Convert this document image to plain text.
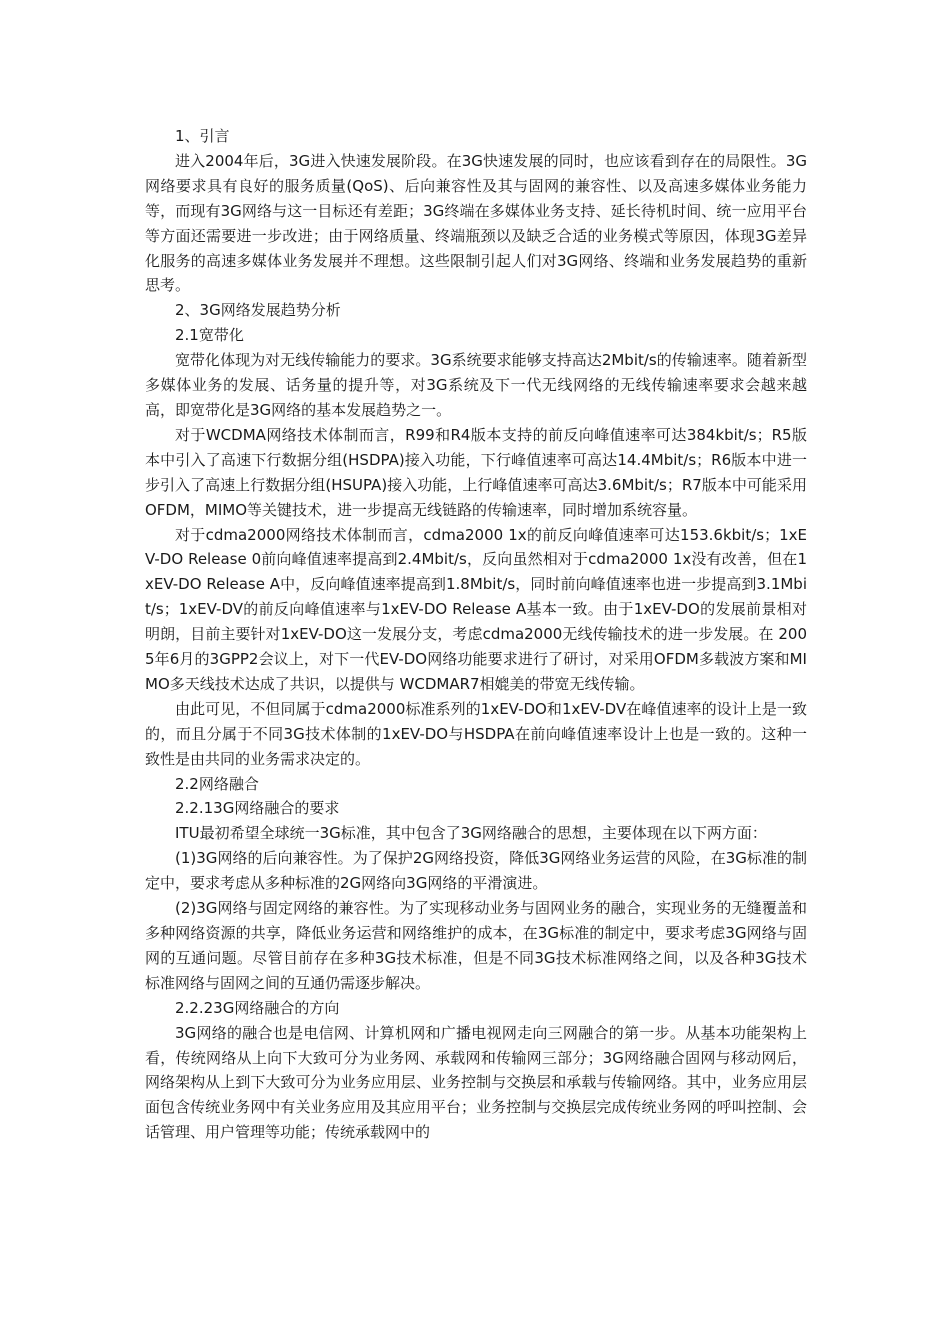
1、引言

进入2004年后，3G进入快速发展阶段。在3G快速发展的同时，也应该看到存在的局限性。3G网络要求具有良好的服务质量(QoS)、后向兼容性及其与固网的兼容性、以及高速多媒体业务能力等，而现有3G网络与这一目标还有差距；3G终端在多媒体业务支持、延长待机时间、统一应用平台等方面还需要进一步改进；由于网络质量、终端瓶颈以及缺乏合适的业务模式等原因，体现3G差异化服务的高速多媒体业务发展并不理想。这些限制引起人们对3G网络、终端和业务发展趋势的重新思考。

2、3G网络发展趋势分析

2.1宽带化

宽带化体现为对无线传输能力的要求。3G系统要求能够支持高达2Mbit/s的传输速率。随着新型多媒体业务的发展、话务量的提升等，对3G系统及下一代无线网络的无线传输速率要求会越来越高，即宽带化是3G网络的基本发展趋势之一。

对于WCDMA网络技术体制而言，R99和R4版本支持的前反向峰值速率可达384kbit/s；R5版本中引入了高速下行数据分组(HSDPA)接入功能，下行峰值速率可高达14.4Mbit/s；R6版本中进一步引入了高速上行数据分组(HSUPA)接入功能，上行峰值速率可高达3.6Mbit/s；R7版本中可能采用OFDM，MIMO等关键技术，进一步提高无线链路的传输速率，同时增加系统容量。

对于cdma2000网络技术体制而言，cdma2000 1x的前反向峰值速率可达153.6kbit/s；1xEV-DO Release 0前向峰值速率提高到2.4Mbit/s，反向虽然相对于cdma2000 1x没有改善，但在1xEV-DO Release A中，反向峰值速率提高到1.8Mbit/s，同时前向峰值速率也进一步提高到3.1Mbit/s；1xEV-DV的前反向峰值速率与1xEV-DO Release A基本一致。由于1xEV-DO的发展前景相对明朗，目前主要针对1xEV-DO这一发展分支，考虑cdma2000无线传输技术的进一步发展。在 2005年6月的3GPP2会议上，对下一代EV-DO网络功能要求进行了研讨，对采用OFDM多载波方案和MIMO多天线技术达成了共识，以提供与 WCDMAR7相媲美的带宽无线传输。

由此可见，不但同属于cdma2000标准系列的1xEV-DO和1xEV-DV在峰值速率的设计上是一致的，而且分属于不同3G技术体制的1xEV-DO与HSDPA在前向峰值速率设计上也是一致的。这种一致性是由共同的业务需求决定的。

2.2网络融合

2.2.13G网络融合的要求

ITU最初希望全球统一3G标准，其中包含了3G网络融合的思想，主要体现在以下两方面：

(1)3G网络的后向兼容性。为了保护2G网络投资，降低3G网络业务运营的风险，在3G标准的制定中，要求考虑从多种标准的2G网络向3G网络的平滑演进。

(2)3G网络与固定网络的兼容性。为了实现移动业务与固网业务的融合，实现业务的无缝覆盖和多种网络资源的共享，降低业务运营和网络维护的成本，在3G标准的制定中，要求考虑3G网络与固网的互通问题。尽管目前存在多种3G技术标准，但是不同3G技术标准网络之间，以及各种3G技术标准网络与固网之间的互通仍需逐步解决。

2.2.23G网络融合的方向

3G网络的融合也是电信网、计算机网和广播电视网走向三网融合的第一步。从基本功能架构上看，传统网络从上向下大致可分为业务网、承载网和传输网三部分；3G网络融合固网与移动网后，网络架构从上到下大致可分为业务应用层、业务控制与交换层和承载与传输网络。其中，业务应用层面包含传统业务网中有关业务应用及其应用平台；业务控制与交换层完成传统业务网的呼叫控制、会话管理、用户管理等功能；传统承载网中的
